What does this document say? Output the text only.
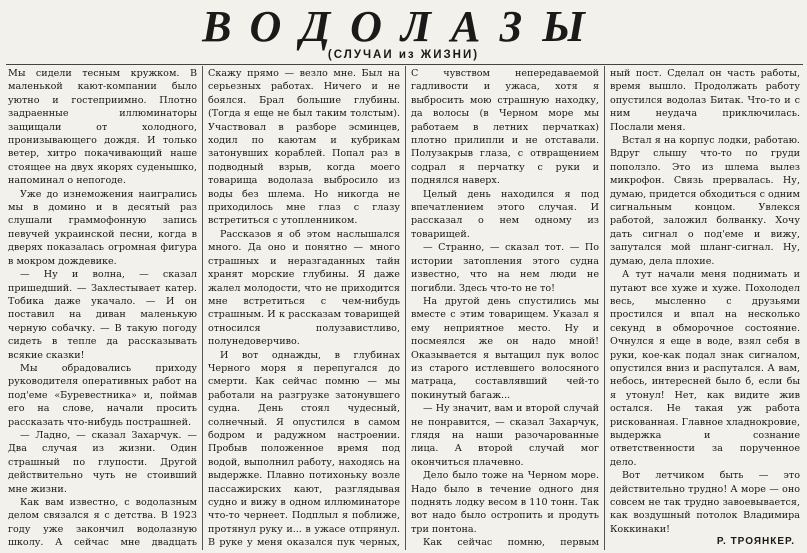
ВОДОЛАЗЫ
(СЛУЧАИ из ЖИЗНИ)

Мы сидели тесным кружком. В маленькой кают-компании было уютно и гостеприимно. Плотно задраенные иллюминаторы защищали от холодного, пронизывающего дождя. И только ветер, хитро покачивающий наше стоящее на двух якорях суденышко, напоминал о непогоде.

Уже до изнеможения наигрались мы в домино и в десятый раз слушали граммофонную запись певучей украинской песни, когда в дверях показалась огромная фигура в мокром дождевике.

— Ну и волна, — сказал пришедший. — Захлестывает катер. Тобика даже укачало. — И он поставил на диван маленькую черную собачку. — В такую погоду сидеть в тепле да рассказывать всякие сказки!

Мы обрадовались приходу руководителя оперативных работ на под'еме «Буревестника» и, поймав его на слове, начали просить рассказать что-нибудь пострашней.

— Ладно, — сказал Захарчук. — Два случая из жизни. Один страшный по глупости. Другой действительно чуть не стоивший мне жизни.

Как вам известно, с водолазным делом связался я с детства. В 1923 году уже закончил водолазную школу. А сейчас мне двадцать

Скажу прямо — везло мне. Был на серьезных работах. Ничего и не боялся. Брал большие глубины. (Тогда я еще не был таким толстым). Участвовал в разборе эсминцев, ходил по каютам и кубрикам затонувших кораблей. Попал раз в подводный взрыв, когда моего товарища водолаза выбросило из воды без шлема. Но никогда не приходилось мне глаз с глазу встретиться с утопленником.

Рассказов я об этом наслышался много. Да оно и понятно — много страшных и неразгаданных тайн хранят морские глубины. Я даже жалел молодости, что не приходится мне встретиться с чем-нибудь страшным. И к рассказам товарищей относился полузавистливо, полунедоверчиво.

И вот однажды, в глубинах Черного моря я перепугался до смерти. Как сейчас помню — мы работали на разгрузке затонувшего судна. День стоял чудесный, солнечный. Я опустился в самом бодром и радужном настроении. Пробыв положенное время под водой, выполнил работу, находясь на выдержке. Плавно потихоньку возле пассажирских кают, разглядывая судно и вижу в одном иллюминаторе что-то чернеет. Подплыл я поближе, протянул руку и... в ужасе отпрянул. В руке у меня оказался пук черных,

С чувством непередаваемой гадливости и ужаса, хотя я выбросить мою страшную находку, да волосы (в Черном море мы работаем в летних перчатках) плотно прилипли и не отставали. Полузакрыв глаза, с отвращением содрал я перчатку с руки и поднялся наверх.

Целый день находился я под впечатлением этого случая. И рассказал о нем одному из товарищей.

— Странно, — сказал тот. — По истории затопления этого судна известно, что на нем люди не погибли. Здесь что-то не то!

На другой день спустились мы вместе с этим товарищем. Указал я ему неприятное место. Ну и посмеялся же он надо мной! Оказывается я вытащил пук волос из старого истлевшего волосяного матраца, составлявший чей-то покинутый багаж...

— Ну значит, вам и второй случай не понравится, — сказал Захарчук, глядя на наши разочарованные лица. А второй случай мог окончиться плачевно.

Дело было тоже на Черном море. Надо было в течение одного дня поднять лодку весом в 110 тонн. Так вот надо было остропить и продуть три понтона.

Как сейчас помню, первым

ный пост. Сделал он часть работы, время вышло. Продолжать работу опустился водолаз Битак. Что-то и с ним неудача приключилась. Послали меня.

Встал я на корпус лодки, работаю. Вдруг слышу что-то по груди поползло. Это из шлема вылез микрофон. Связь прервалась. Ну, думаю, придется обходиться с одним сигнальным концом. Увлекся работой, заложил болванку. Хочу дать сигнал о под'еме и вижу, запутался мой шланг-сигнал. Ну, думаю, дела плохие.

А тут начали меня поднимать и путают все хуже и хуже. Похолодел весь, мысленно с друзьями простился и впал на несколько секунд в обморочное состояние. Очнулся я еще в воде, взял себя в руки, кое-как подал знак сигналом, опустился вниз и распутался. А вам, небось, интересней было б, если бы я утонул! Нет, как видите жив остался. Не такая уж работа рискованная. Главное хладнокровие, выдержка и сознание ответственности за порученное дело.

Вот летчиком быть — это действительно трудно! А море — оно совсем не так трудно завоевывается, как воздушный потолок Владимира Коккинаки!

Р. ТРОЯНКЕР.
